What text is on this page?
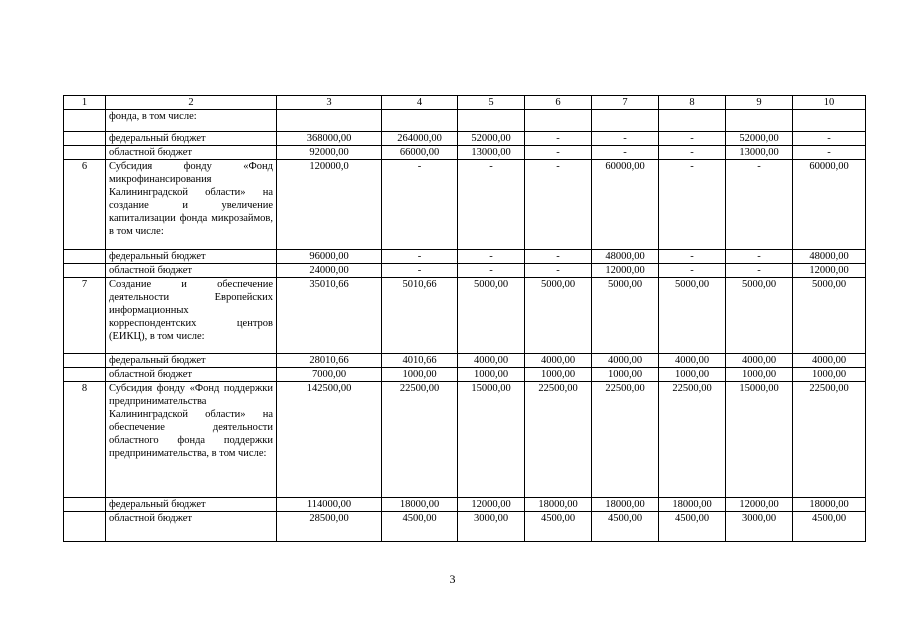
1	2	3	4	5	6	7	8	9	10
	фонда, в том числе:								
	федеральный бюджет	368000,00	264000,00	52000,00	-	-	-	52000,00	-
	областной бюджет	92000,00	66000,00	13000,00	-	-	-	13000,00	-
6	Субсидия фонду «Фонд микрофинансирования Калининградской области» на создание и увеличение капитализации фонда микрозаймов, в том числе:	120000,0	-	-	-	60000,00	-	-	60000,00
	федеральный бюджет	96000,00	-	-	-	48000,00	-	-	48000,00
	областной бюджет	24000,00	-	-	-	12000,00	-	-	12000,00
7	Создание и обеспечение деятельности Европейских информационных корреспондентских центров (ЕИКЦ), в том числе:	35010,66	5010,66	5000,00	5000,00	5000,00	5000,00	5000,00	5000,00
	федеральный бюджет	28010,66	4010,66	4000,00	4000,00	4000,00	4000,00	4000,00	4000,00
	областной бюджет	7000,00	1000,00	1000,00	1000,00	1000,00	1000,00	1000,00	1000,00
8	Субсидия фонду «Фонд поддержки предпринимательства Калининградской области» на обеспечение деятельности областного фонда поддержки предпринимательства, в том числе:	142500,00	22500,00	15000,00	22500,00	22500,00	22500,00	15000,00	22500,00
	федеральный бюджет	114000,00	18000,00	12000,00	18000,00	18000,00	18000,00	12000,00	18000,00
	областной бюджет	28500,00	4500,00	3000,00	4500,00	4500,00	4500,00	3000,00	4500,00
3
